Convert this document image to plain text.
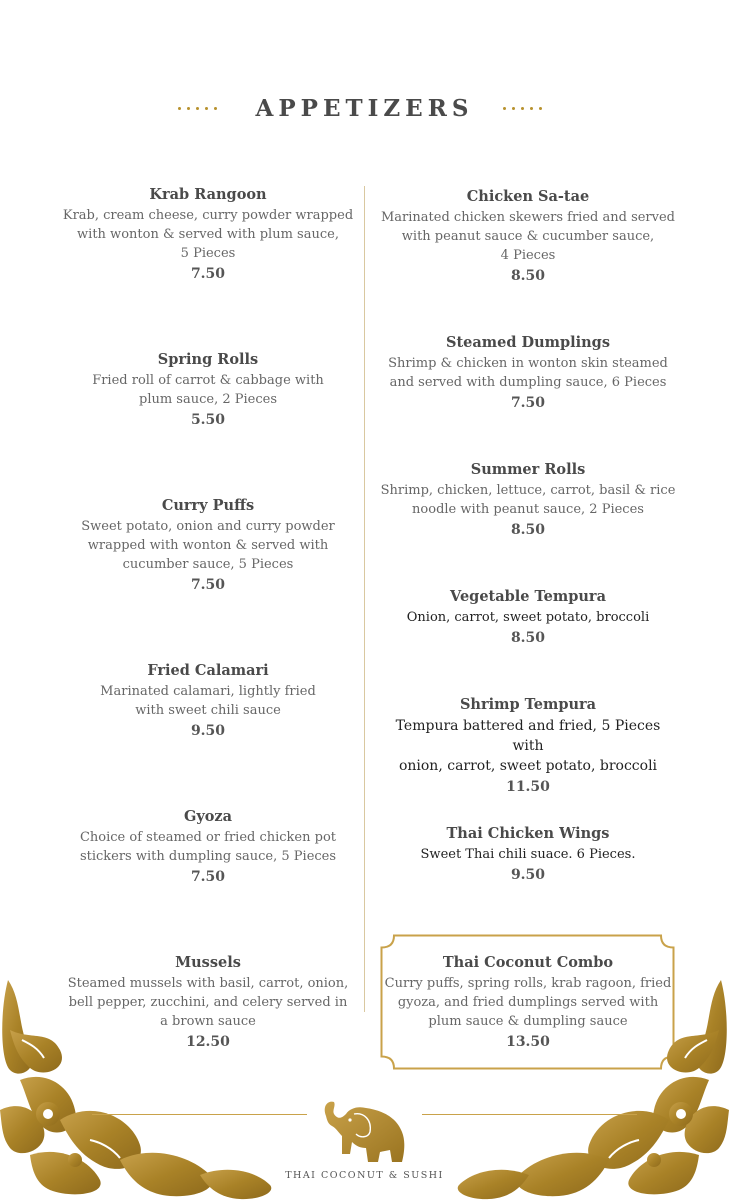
APPETIZERS
Krab Rangoon
Krab, cream cheese, curry powder wrapped
with wonton & served with plum sauce,
5 Pieces
7.50
Spring Rolls
Fried roll of carrot & cabbage with
plum sauce, 2 Pieces
5.50
Curry Puffs
Sweet potato, onion and curry powder
wrapped with wonton & served with
cucumber sauce, 5 Pieces
7.50
Fried Calamari
Marinated calamari, lightly fried
with sweet chili sauce
9.50
Gyoza
Choice of steamed or fried chicken pot
stickers with dumpling sauce, 5 Pieces
7.50
Mussels
Steamed mussels with basil, carrot, onion,
bell pepper, zucchini, and celery served in
a brown sauce
12.50
Chicken Sa-tae
Marinated chicken skewers fried and served
with peanut sauce & cucumber sauce,
4 Pieces
8.50
Steamed Dumplings
Shrimp & chicken in wonton skin steamed
and served with dumpling sauce, 6 Pieces
7.50
Summer Rolls
Shrimp, chicken, lettuce, carrot, basil & rice
noodle with peanut sauce, 2 Pieces
8.50
Vegetable Tempura
Onion, carrot, sweet potato, broccoli
8.50
Shrimp Tempura
Tempura battered and fried, 5 Pieces with
onion, carrot, sweet potato, broccoli
11.50
Thai Chicken Wings
Sweet Thai chili suace. 6 Pieces.
9.50
Thai Coconut Combo
Curry puffs, spring rolls, krab ragoon, fried
gyoza, and fried dumplings served with
plum sauce & dumpling sauce
13.50
THAI COCONUT & SUSHI
